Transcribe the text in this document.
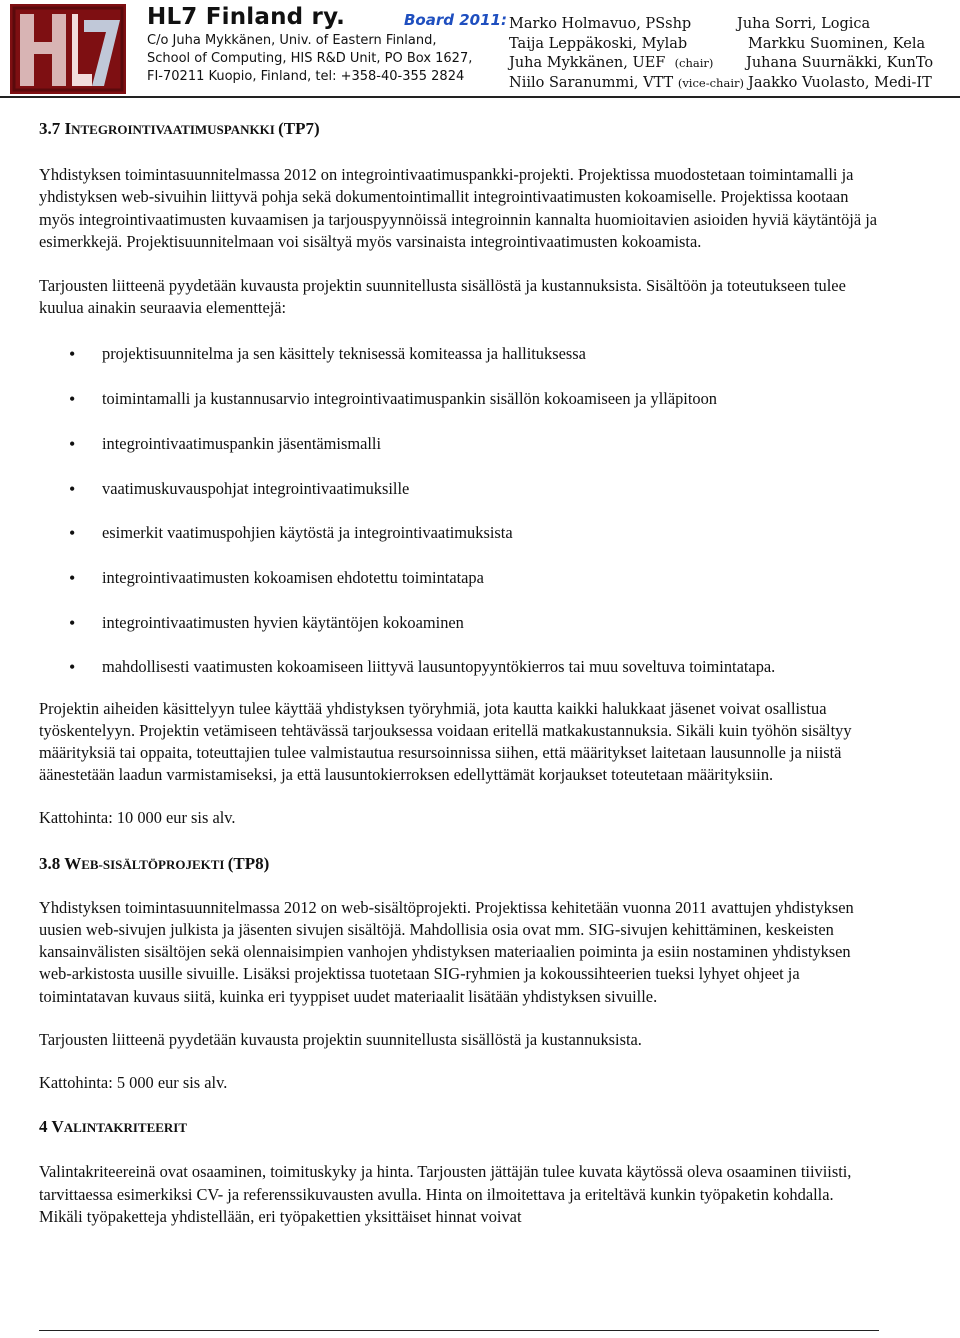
HL7 Finland ry.	Board 2011:
C/o Juha Mykkänen, Univ. of Eastern Finland,
School of Computing, HIS R&D Unit, PO Box 1627,
FI-70211 Kuopio, Finland, tel: +358-40-355 2824
Marko Holmavuo, PSshp
Taija Leppäkoski, Mylab
Juha Mykkänen, UEF (chair)
Niilo Saranummi, VTT (vice-chair)
Juha Sorri, Logica
Markku Suominen, Kela
Juhana Suurnäkki, KunTo
Jaakko Vuolasto, Medi-IT
3.7 INTEGROINTIVAATIMUSPANKKI (TP7)

Yhdistyksen toimintasuunnitelmassa 2012 on integrointivaatimuspankki-projekti. Projektissa muodostetaan toimintamalli ja yhdistyksen web-sivuihin liittyvä pohja sekä dokumentointimallit integrointivaatimusten kokoamiselle. Projektissa kootaan myös integrointivaatimusten kuvaamisen ja tarjouspyynnöissä integroinnin kannalta huomioitavien asioiden hyviä käytäntöjä ja esimerkkejä. Projektisuunnitelmaan voi sisältyä myös varsinaista integrointivaatimusten kokoamista.

Tarjousten liitteenä pyydetään kuvausta projektin suunnitellusta sisällöstä ja kustannuksista. Sisältöön ja toteutukseen tulee kuulua ainakin seuraavia elementtejä:

• projektisuunnitelma ja sen käsittely teknisessä komiteassa ja hallituksessa
• toimintamalli ja kustannusarvio integrointivaatimuspankin sisällön kokoamiseen ja ylläpitoon
• integrointivaatimuspankin jäsentämismalli
• vaatimuskuvauspohjat integrointivaatimuksille
• esimerkit vaatimuspohjien käytöstä ja integrointivaatimuksista
• integrointivaatimusten kokoamisen ehdotettu toimintatapa
• integrointivaatimusten hyvien käytäntöjen kokoaminen
• mahdollisesti vaatimusten kokoamiseen liittyvä lausuntopyyntökierros tai muu soveltuva toimintatapa.

Projektin aiheiden käsittelyyn tulee käyttää yhdistyksen työryhmiä, jota kautta kaikki halukkaat jäsenet voivat osallistua työskentelyyn. Projektin vetämiseen tehtävässä tarjouksessa voidaan eritellä matkakustannuksia. Sikäli kuin työhön sisältyy määrityksiä tai oppaita, toteuttajien tulee valmistautua resursoinnissa siihen, että määritykset laitetaan lausunnolle ja niistä äänestetään laadun varmistamiseksi, ja että lausuntokierroksen edellyttämät korjaukset toteutetaan määrityksiin.

Kattohinta: 10 000 eur sis alv.

3.8 WEB-SISÄLTÖPROJEKTI (TP8)

Yhdistyksen toimintasuunnitelmassa 2012 on web-sisältöprojekti. Projektissa kehitetään vuonna 2011 avattujen yhdistyksen uusien web-sivujen julkista ja jäsenten sivujen sisältöjä. Mahdollisia osia ovat mm. SIG-sivujen kehittäminen, keskeisten kansainvälisten sisältöjen sekä olennaisimpien vanhojen yhdistyksen materiaalien poiminta ja esiin nostaminen yhdistyksen web-arkistosta uusille sivuille. Lisäksi projektissa tuotetaan SIG-ryhmien ja kokoussihteerien tueksi lyhyet ohjeet ja toimintatavan kuvaus siitä, kuinka eri tyyppiset uudet materiaalit lisätään yhdistyksen sivuille.

Tarjousten liitteenä pyydetään kuvausta projektin suunnitellusta sisällöstä ja kustannuksista.

Kattohinta: 5 000 eur sis alv.

4 VALINTAKRITEERIT

Valintakriteereinä ovat osaaminen, toimituskyky ja hinta. Tarjousten jättäjän tulee kuvata käytössä oleva osaaminen tiiviisti, tarvittaessa esimerkiksi CV- ja referenssikuvausten avulla. Hinta on ilmoitettava ja eriteltävä kunkin työpaketin kohdalla. Mikäli työpaketteja yhdistellään, eri työpakettien yksittäiset hinnat voivat
